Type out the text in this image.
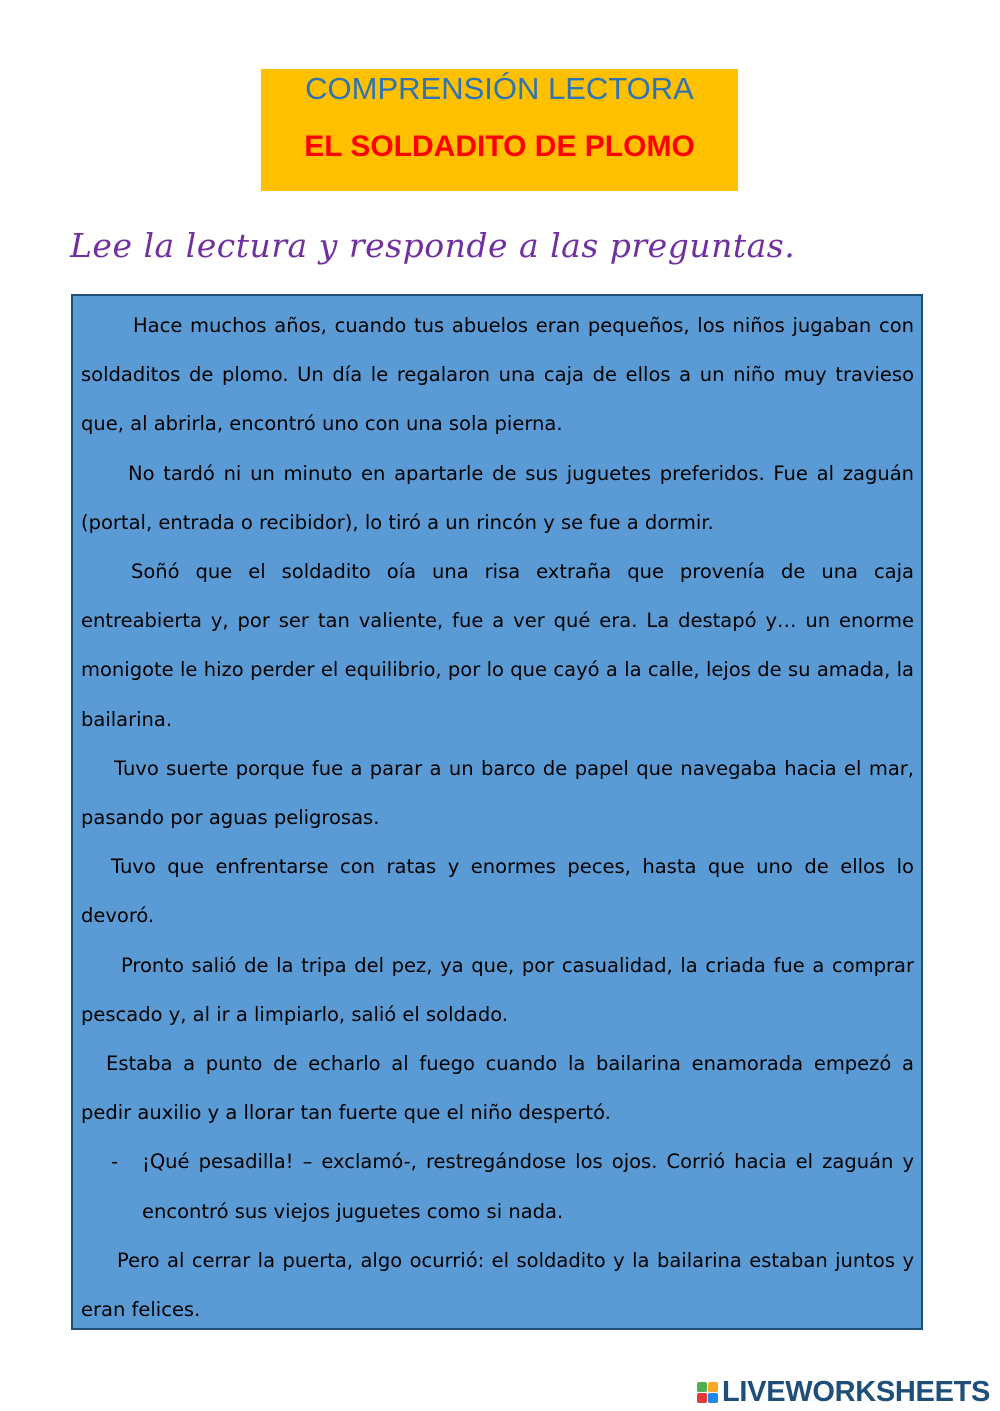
COMPRENSIÓN LECTORA
EL SOLDADITO DE PLOMO
Lee la lectura y responde a las preguntas.

Hace muchos años, cuando tus abuelos eran pequeños, los niños jugaban con soldaditos de plomo. Un día le regalaron una caja de ellos a un niño muy travieso que, al abrirla, encontró uno con una sola pierna.

No tardó ni un minuto en apartarle de sus juguetes preferidos. Fue al zaguán (portal, entrada o recibidor), lo tiró a un rincón y se fue a dormir.

Soñó que el soldadito oía una risa extraña que provenía de una caja entreabierta y, por ser tan valiente, fue a ver qué era. La destapó y… un enorme monigote le hizo perder el equilibrio, por lo que cayó a la calle, lejos de su amada, la bailarina.

Tuvo suerte porque fue a parar a un barco de papel que navegaba hacia el mar, pasando por aguas peligrosas.

Tuvo que enfrentarse con ratas y enormes peces, hasta que uno de ellos lo devoró.

Pronto salió de la tripa del pez, ya que, por casualidad, la criada fue a comprar pescado y, al ir a limpiarlo, salió el soldado.

Estaba a punto de echarlo al fuego cuando la bailarina enamorada empezó a pedir auxilio y a llorar tan fuerte que el niño despertó.

- ¡Qué pesadilla! – exclamó-, restregándose los ojos. Corrió hacia el zaguán y encontró sus viejos juguetes como si nada.

Pero al cerrar la puerta, algo ocurrió: el soldadito y la bailarina estaban juntos y eran felices.

LIVEWORKSHEETS
